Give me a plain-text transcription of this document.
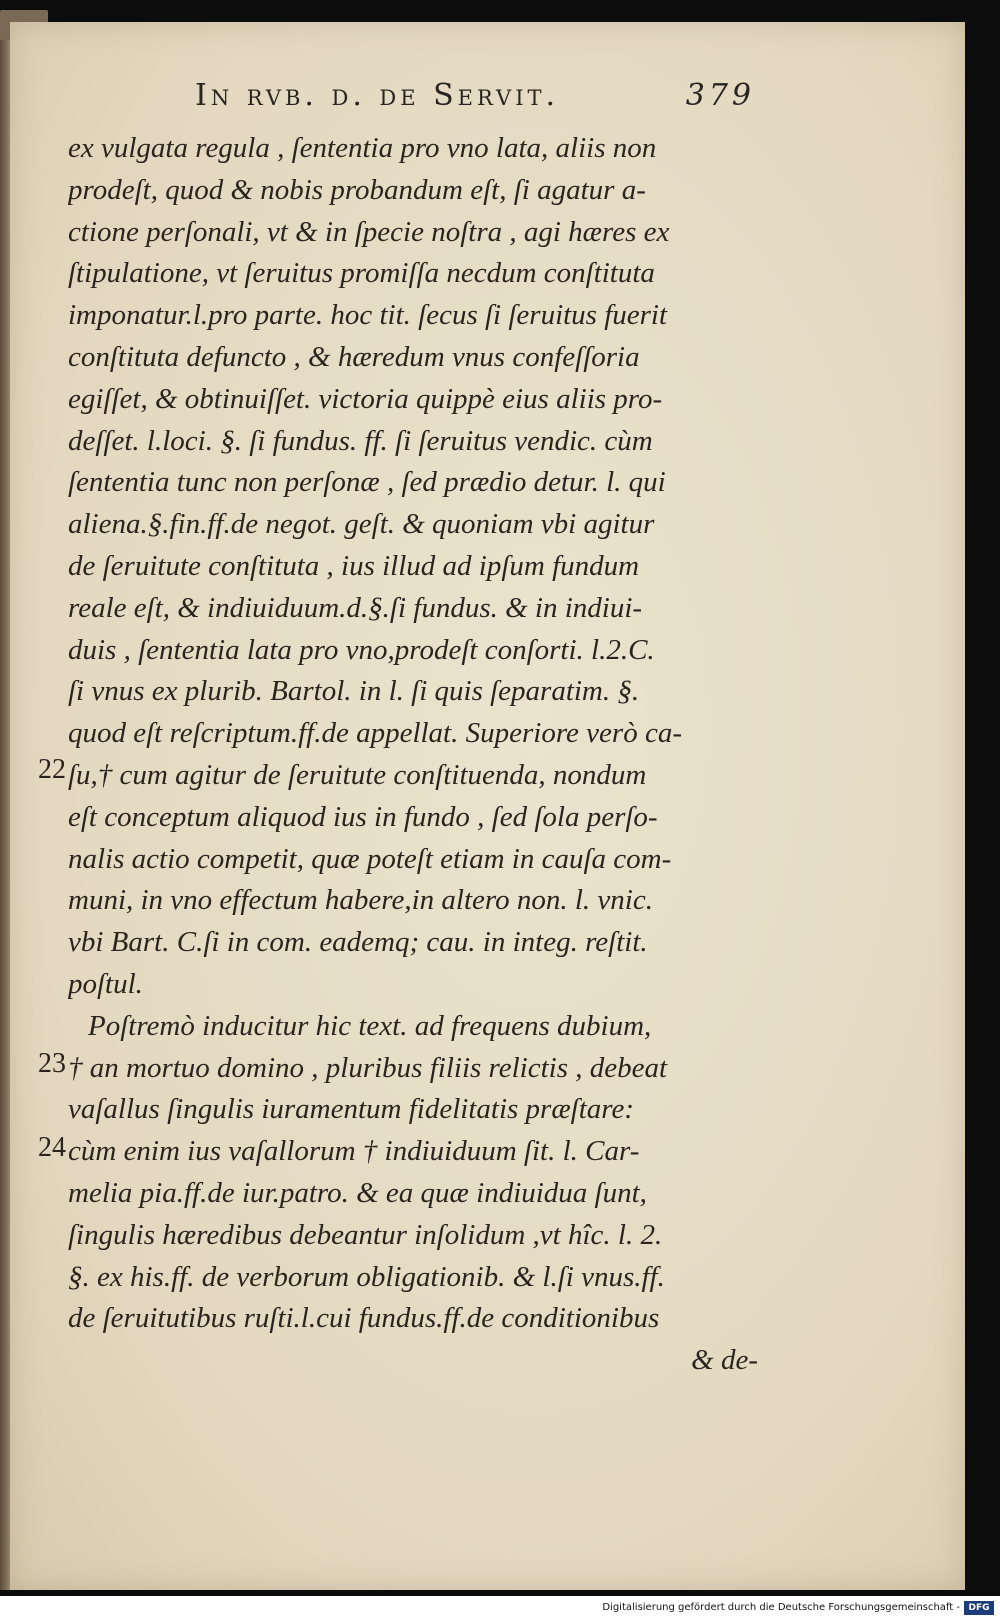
In rvb. d. de Servit.	379
ex vulgata regula , ſententia pro vno lata, aliis non
prodeſt, quod & nobis probandum eſt, ſi agatur a-
ctione perſonali, vt & in ſpecie noſtra , agi hæres ex
ſtipulatione, vt ſeruitus promiſſa necdum conſtituta
imponatur.l.pro parte. hoc tit. ſecus ſi ſeruitus fuerit
conſtituta defuncto , & hæredum vnus confeſſoria
egiſſet, & obtinuiſſet. victoria quippè eius aliis pro-
deſſet. l.loci. §. ſi fundus. ff. ſi ſeruitus vendic. cùm
ſententia tunc non perſonæ , ſed prædio detur. l. qui
aliena.§.fin.ff.de negot. geſt. & quoniam vbi agitur
de ſeruitute conſtituta , ius illud ad ipſum fundum
reale eſt, & indiuiduum.d.§.ſi fundus. & in indiui-
duis , ſententia lata pro vno,prodeſt conſorti. l.2.C.
ſi vnus ex plurib. Bartol. in l. ſi quis ſeparatim. §.
quod eſt reſcriptum.ff.de appellat. Superiore verò ca-
ſu,† cum agitur de ſeruitute conſtituenda, nondum
eſt conceptum aliquod ius in fundo , ſed ſola perſo-
nalis actio competit, quæ poteſt etiam in cauſa com-
muni, in vno effectum habere,in altero non. l. vnic.
vbi Bart. C.ſi in com. eademq; cau. in integ. reſtit.
poſtul.
Poſtremò inducitur hic text. ad frequens dubium,
† an mortuo domino , pluribus filiis relictis , debeat
vaſallus ſingulis iuramentum fidelitatis præſtare:
cùm enim ius vaſallorum † indiuiduum ſit. l. Car-
melia pia.ff.de iur.patro. & ea quæ indiuidua ſunt,
ſingulis hæredibus debeantur inſolidum ,vt hîc. l. 2.
§. ex his.ff. de verborum obligationib. & l.ſi vnus.ff.
de ſeruitutibus ruſti.l.cui fundus.ff.de conditionibus
& de-
22
23
24
Digitalisierung gefördert durch die Deutsche Forschungsgemeinschaft - DFG
